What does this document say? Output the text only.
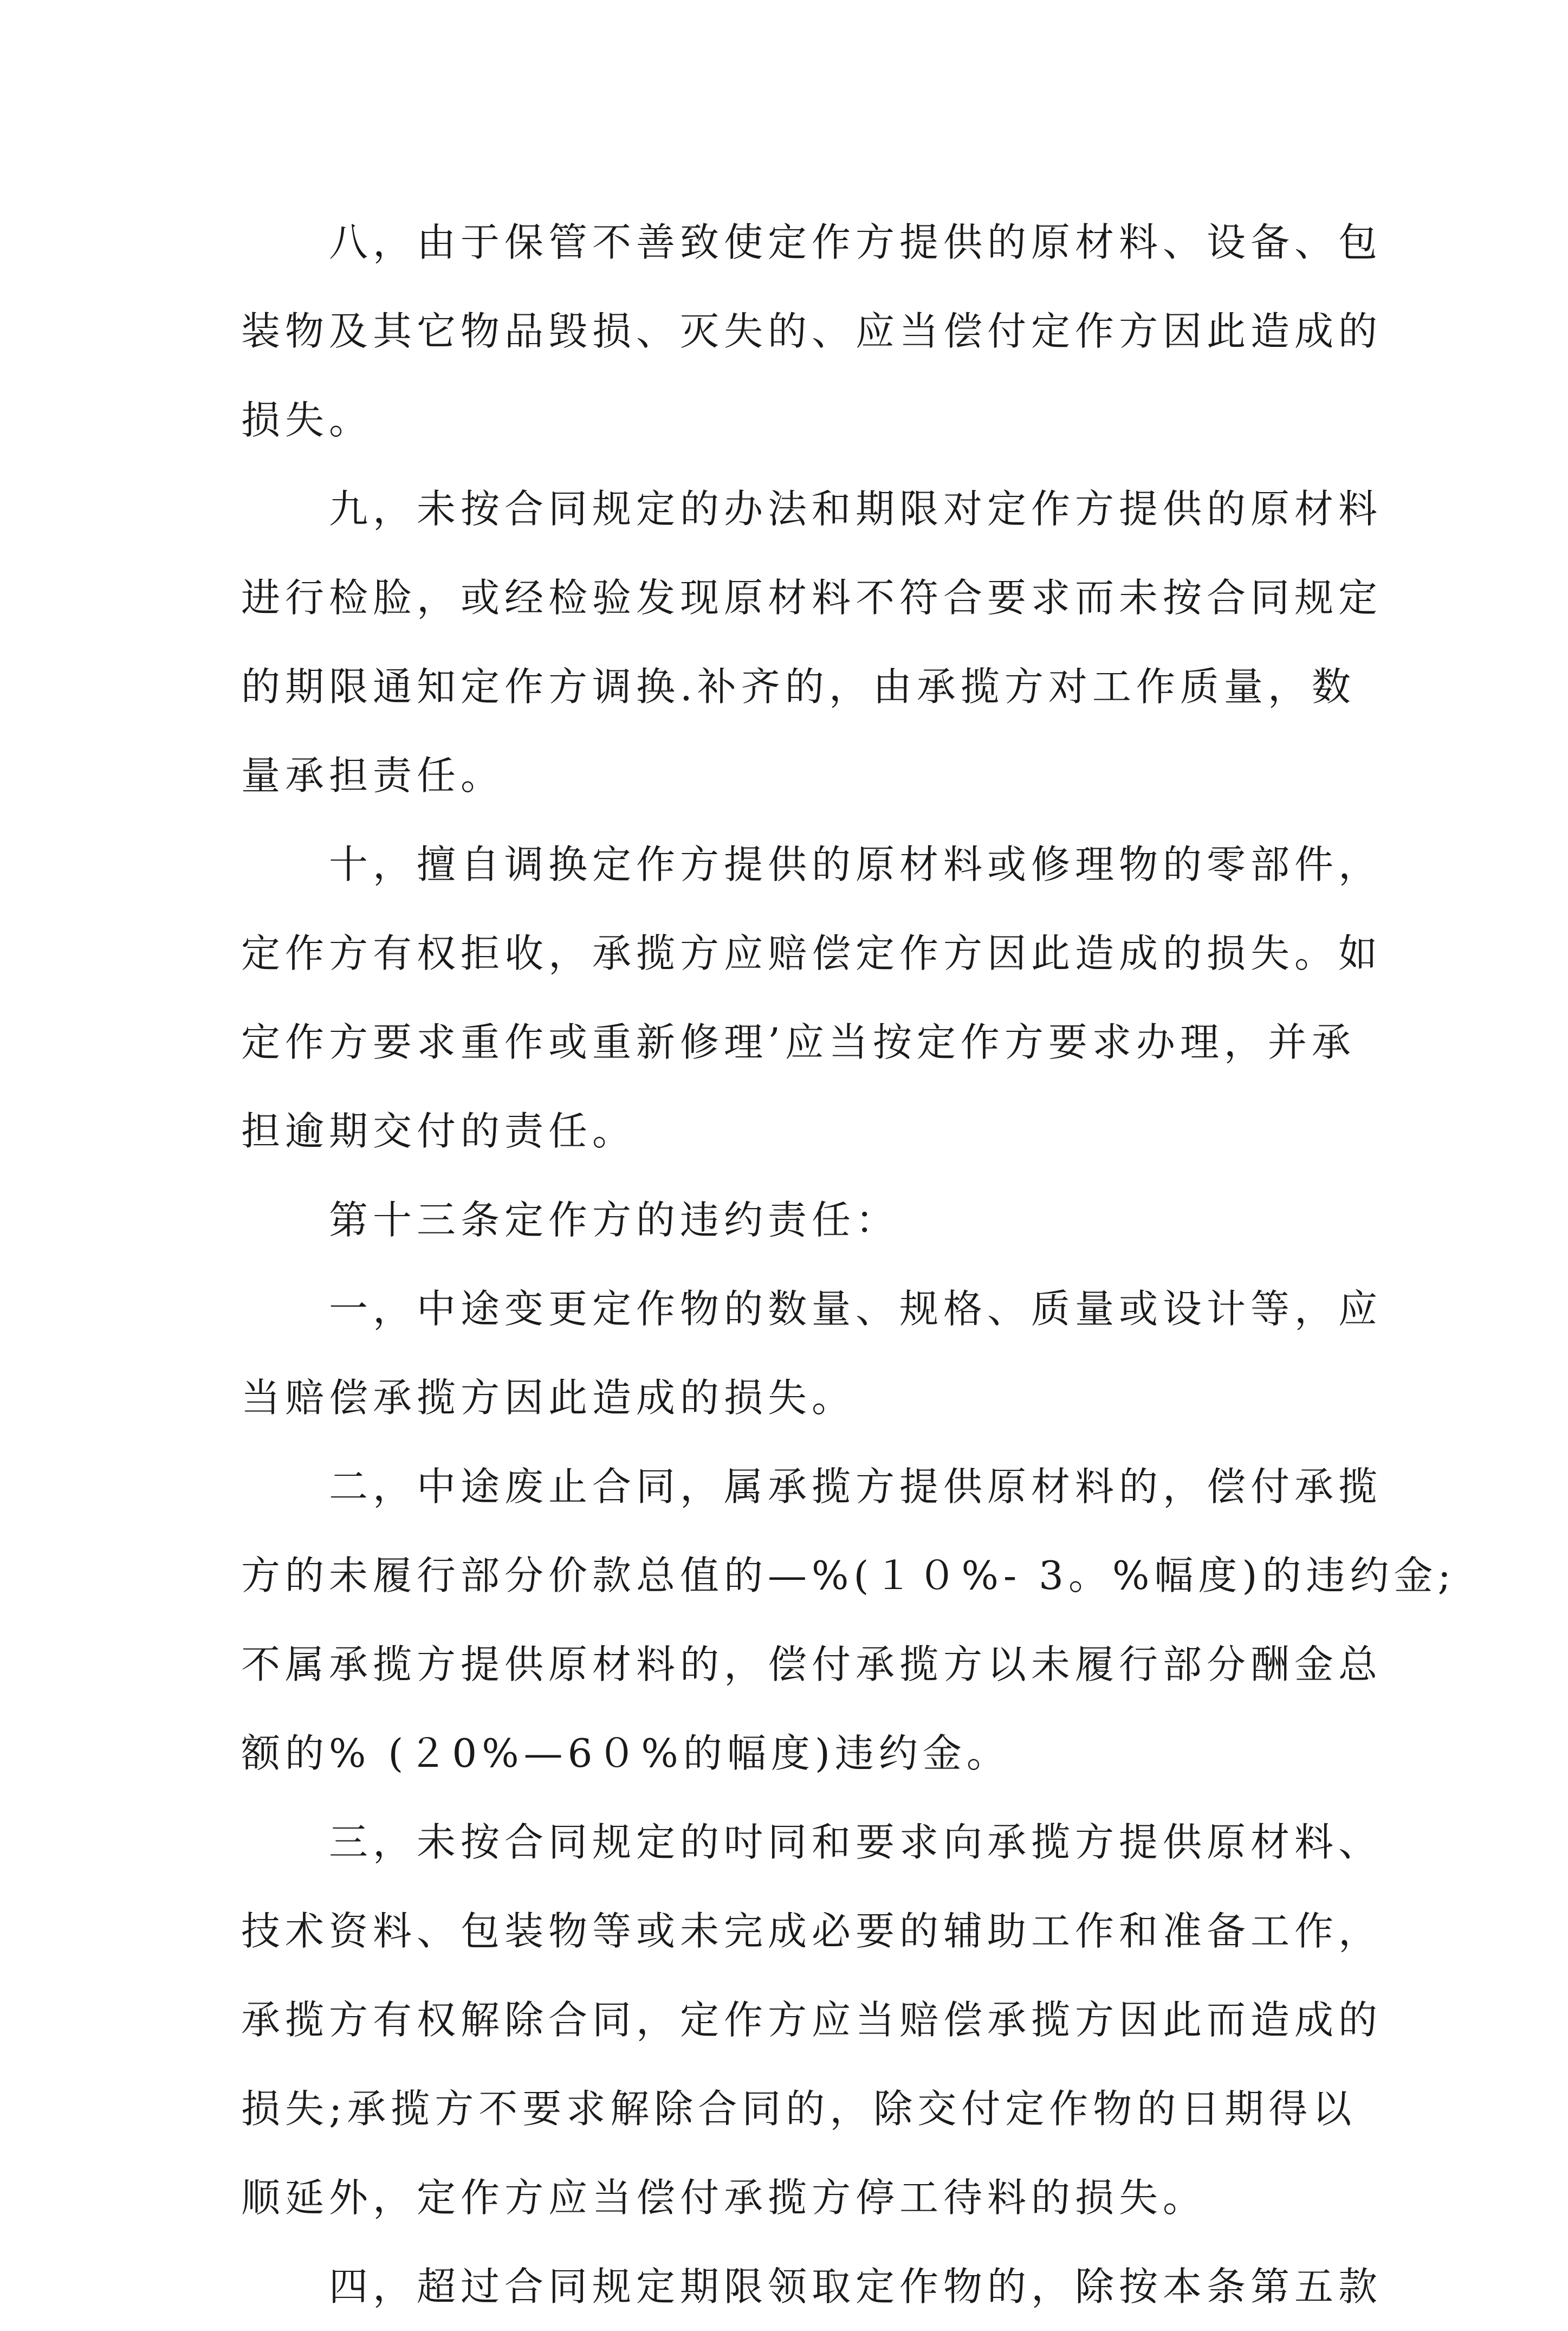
　　八，由于保管不善致使定作方提供的原材料、设备、包
装物及其它物品毁损、灭失的、应当偿付定作方因此造成的
损失。
　　九，未按合同规定的办法和期限对定作方提供的原材料
进行检脸，或经检验发现原材料不符合要求而未按合同规定
的期限通知定作方调换.补齐的，由承揽方对工作质量，数
量承担责任。
　　十，擅自调换定作方提供的原材料或修理物的零部件，
定作方有权拒收，承揽方应赔偿定作方因此造成的损失。如
定作方要求重作或重新修理’应当按定作方要求办理，并承
担逾期交付的责任。
　　第十三条定作方的违约责任：
　　一，中途变更定作物的数量、规格、质量或设计等，应
当赔偿承揽方因此造成的损失。
　　二，中途废止合同，属承揽方提供原材料的，偿付承揽
方的未履行部分价款总值的—%(１０%- 3。%幅度)的违约金;
不属承揽方提供原材料的，偿付承揽方以未履行部分酬金总
额的% (２0%—6０%的幅度)违约金。
　　三，未按合同规定的吋同和要求向承揽方提供原材料、
技术资料、包装物等或未完成必要的辅助工作和准备工作，
承揽方有权解除合同，定作方应当赔偿承揽方因此而造成的
损失;承揽方不要求解除合同的，除交付定作物的日期得以
顺延外，定作方应当偿付承揽方停工待料的损失。
　　四，超过合同规定期限领取定作物的，除按本条第五款
